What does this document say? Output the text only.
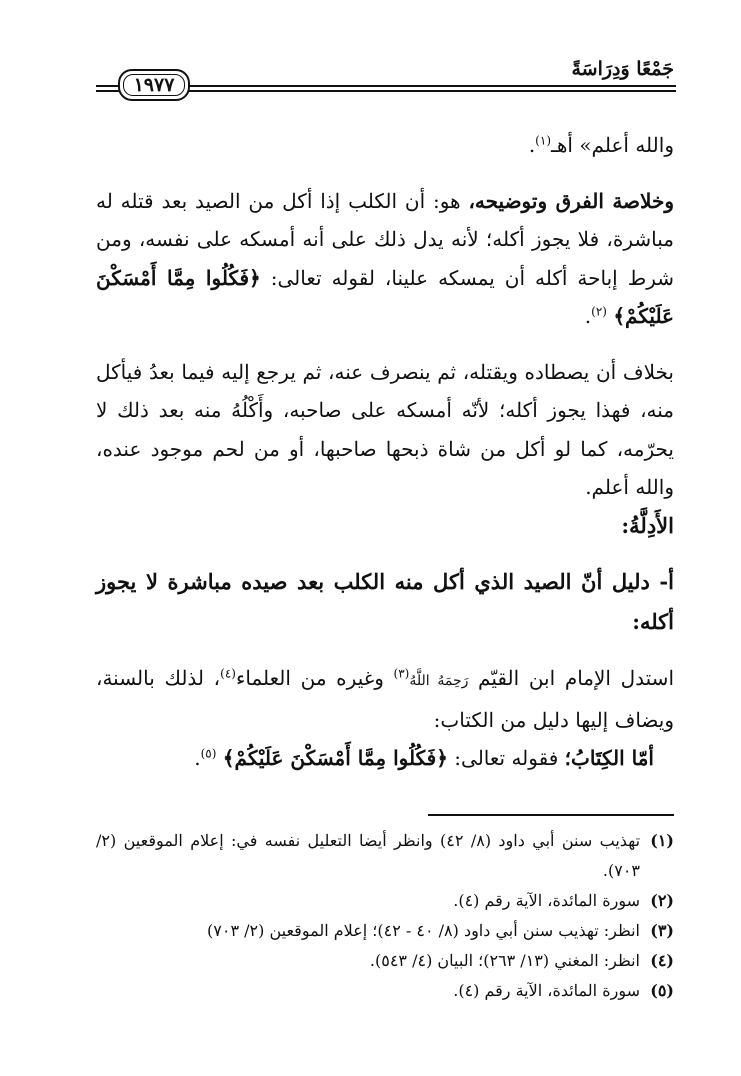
جَمْعًا وَدِرَاسَةً
١٩٧٧

والله أعلم» أهـ$^{(١)}$.

وخلاصة الفرق وتوضيحه، هو: أن الكلب إذا أكل من الصيد بعد قتله له مباشرة، فلا يجوز أكله؛ لأنه يدل ذلك على أنه أمسكه على نفسه، ومن شرط إباحة أكله أن يمسكه علينا، لقوله تعالى: ﴿فَكُلُوا مِمَّا أَمْسَكْنَ عَلَيْكُمْ﴾ $^{(٢)}$.

بخلاف أن يصطاده ويقتله، ثم ينصرف عنه، ثم يرجع إليه فيما بعدُ فيأكل منه، فهذا يجوز أكله؛ لأنّه أمسكه على صاحبه، وأَكْلُهُ منه بعد ذلك لا يحرّمه، كما لو أكل من شاة ذبحها صاحبها، أو من لحم موجود عنده، والله أعلم.

الأَدِلَّةُ:

أ- دليل أنّ الصيد الذي أكل منه الكلب بعد صيده مباشرة لا يجوز أكله:

استدل الإمام ابن القيّم رَحِمَهُ اللَّهُ$^{(٣)}$ وغيره من العلماء$^{(٤)}$، لذلك بالسنة، ويضاف إليها دليل من الكتاب:

أمّا الكِتَابُ؛ فقوله تعالى: ﴿فَكُلُوا مِمَّا أَمْسَكْنَ عَلَيْكُمْ﴾ $^{(٥)}$.

(١)
تهذيب سنن أبي داود (٨/ ٤٢) وانظر أيضا التعليل نفسه في: إعلام الموقعين (٢/ ٧٠٣).
(٢)
سورة المائدة، الآية رقم (٤).
(٣)
انظر: تهذيب سنن أبي داود (٨/ ٤٠ - ٤٢)؛ إعلام الموقعين (٢/ ٧٠٣)
(٤)
انظر: المغني (١٣/ ٢٦٣)؛ البيان (٤/ ٥٤٣).
(٥)
سورة المائدة، الآية رقم (٤).
